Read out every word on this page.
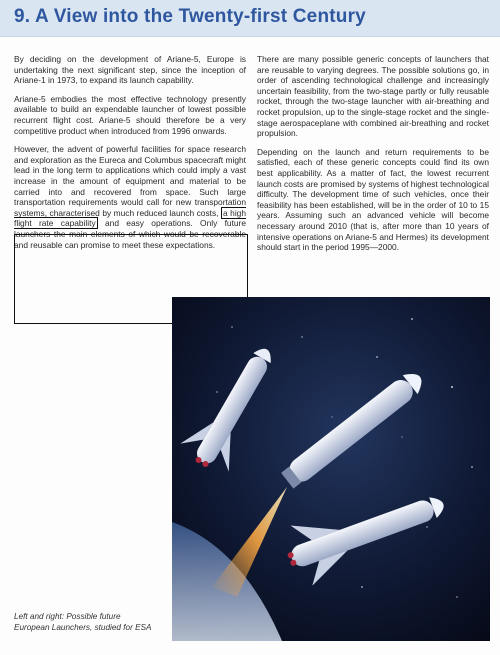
9. A View into the Twenty-first Century

By deciding on the development of Ariane-5, Europe is undertaking the next significant step, since the inception of Ariane-1 in 1973, to expand its launch capability.

Ariane-5 embodies the most effective technology presently available to build an expendable launcher of lowest possible recurrent flight cost. Ariane-5 should therefore be a very competitive product when introduced from 1996 onwards.

However, the advent of powerful facilities for space research and exploration as the Eureca and Columbus spacecraft might lead in the long term to applications which could imply a vast increase in the amount of equipment and material to be carried into and recovered from space. Such large transportation requirements would call for new transportation systems, characterised by much reduced launch costs, a high flight rate capability and easy operations. Only future launchers the main elements of which would be recoverable and reusable can promise to meet these expectations.

There are many possible generic concepts of launchers that are reusable to varying degrees. The possible solutions go, in order of ascending technological challenge and increasingly uncertain feasibility, from the two-stage partly or fully reusable rocket, through the two-stage launcher with air-breathing and rocket propulsion, up to the single-stage rocket and the single-stage aerospaceplane with combined air-breathing and rocket propulsion.

Depending on the launch and return requirements to be satisfied, each of these generic concepts could find its own best applicability. As a matter of fact, the lowest recurrent launch costs are promised by systems of highest technological difficulty. The development time of such vehicles, once their feasibility has been established, will be in the order of 10 to 15 years. Assuming such an advanced vehicle will become necessary around 2010 (that is, after more than 10 years of intensive operations on Ariane-5 and Hermes) its development should start in the period 1995—2000.

Left and right: Possible future
European Launchers, studied for ESA
